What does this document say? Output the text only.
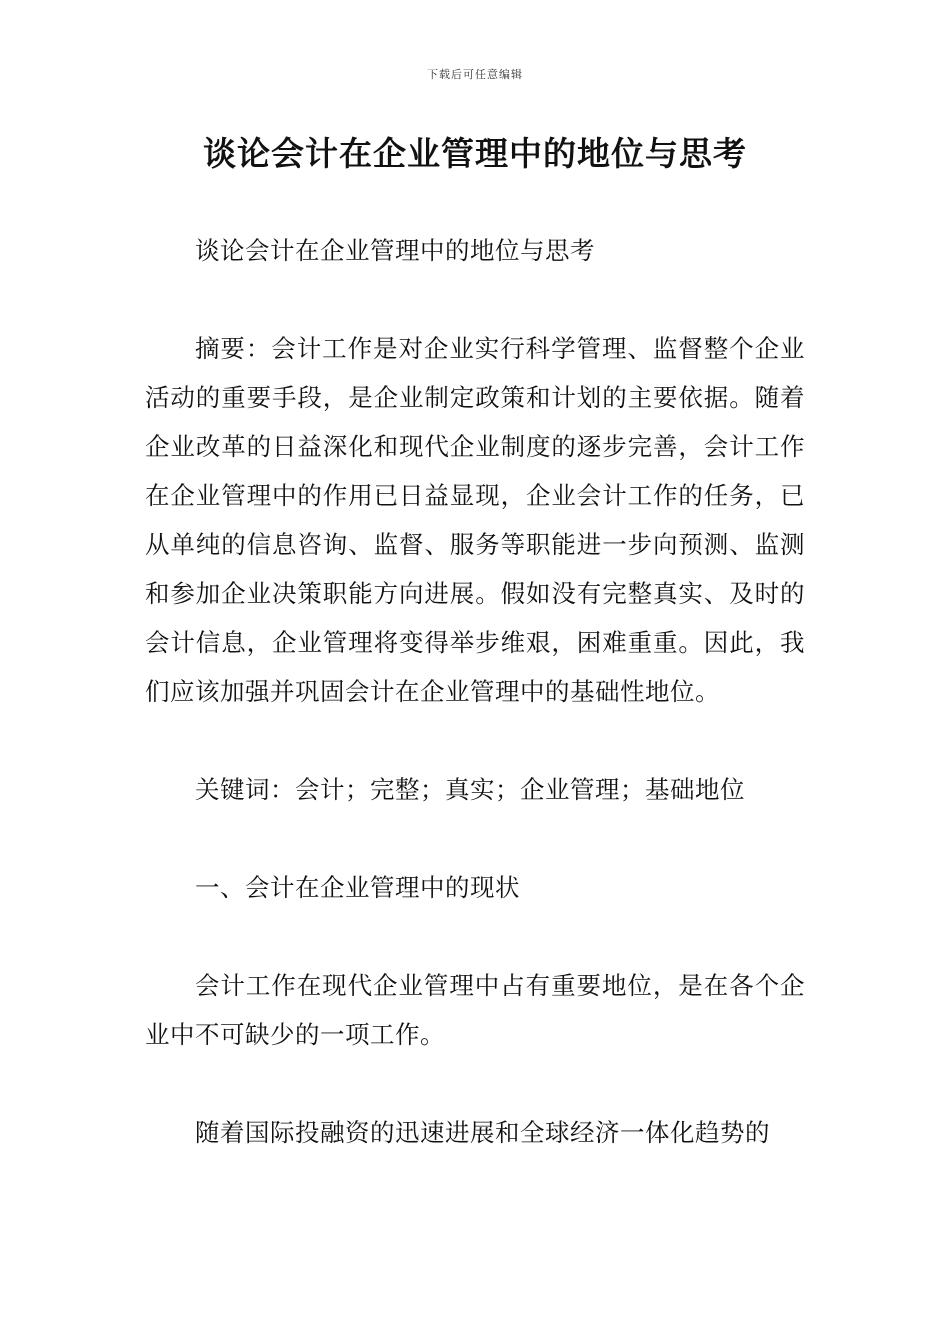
下载后可任意编辑
谈论会计在企业管理中的地位与思考

谈论会计在企业管理中的地位与思考

摘要：会计工作是对企业实行科学管理、监督整个企业活动的重要手段，是企业制定政策和计划的主要依据。随着企业改革的日益深化和现代企业制度的逐步完善，会计工作在企业管理中的作用已日益显现，企业会计工作的任务，已从单纯的信息咨询、监督、服务等职能进一步向预测、监测和参加企业决策职能方向进展。假如没有完整真实、及时的会计信息，企业管理将变得举步维艰，困难重重。因此，我们应该加强并巩固会计在企业管理中的基础性地位。

关键词：会计；完整；真实；企业管理；基础地位

一、会计在企业管理中的现状

会计工作在现代企业管理中占有重要地位，是在各个企业中不可缺少的一项工作。

随着国际投融资的迅速进展和全球经济一体化趋势的
